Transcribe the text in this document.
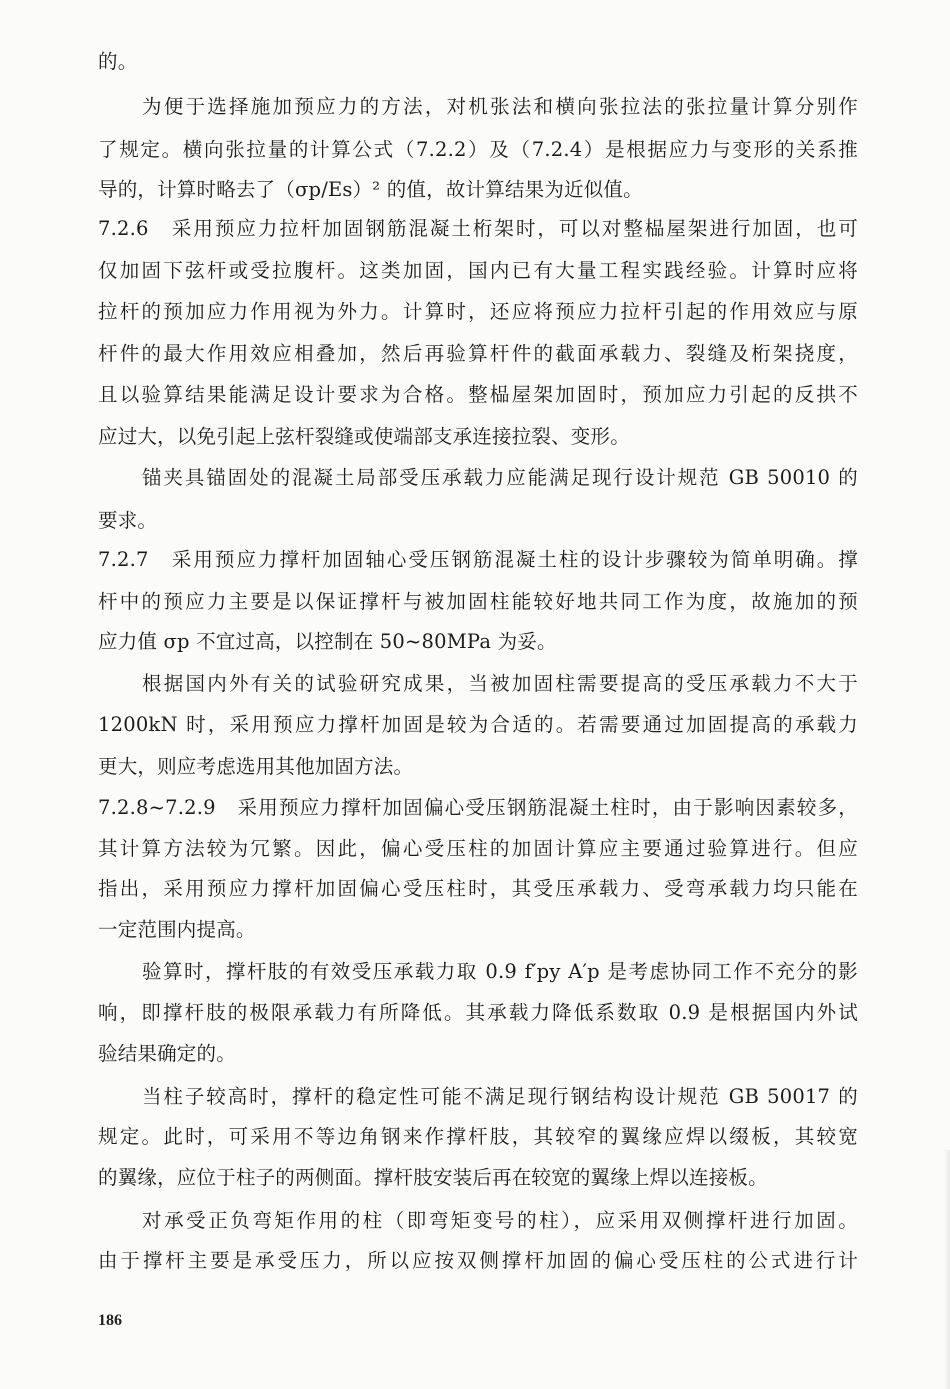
的。
为便于选择施加预应力的方法，对机张法和横向张拉法的张拉量计算分别作
了规定。横向张拉量的计算公式（7.2.2）及（7.2.4）是根据应力与变形的关系推
导的，计算时略去了（σp/Es）² 的值，故计算结果为近似值。
7.2.6　采用预应力拉杆加固钢筋混凝土桁架时，可以对整榀屋架进行加固，也可
仅加固下弦杆或受拉腹杆。这类加固，国内已有大量工程实践经验。计算时应将
拉杆的预加应力作用视为外力。计算时，还应将预应力拉杆引起的作用效应与原
杆件的最大作用效应相叠加，然后再验算杆件的截面承载力、裂缝及桁架挠度，
且以验算结果能满足设计要求为合格。整榀屋架加固时，预加应力引起的反拱不
应过大，以免引起上弦杆裂缝或使端部支承连接拉裂、变形。
锚夹具锚固处的混凝土局部受压承载力应能满足现行设计规范 GB 50010 的
要求。
7.2.7　采用预应力撑杆加固轴心受压钢筋混凝土柱的设计步骤较为简单明确。撑
杆中的预应力主要是以保证撑杆与被加固柱能较好地共同工作为度，故施加的预
应力值 σp 不宜过高，以控制在 50~80MPa 为妥。
根据国内外有关的试验研究成果，当被加固柱需要提高的受压承载力不大于
1200kN 时，采用预应力撑杆加固是较为合适的。若需要通过加固提高的承载力
更大，则应考虑选用其他加固方法。
7.2.8~7.2.9　采用预应力撑杆加固偏心受压钢筋混凝土柱时，由于影响因素较多，
其计算方法较为冗繁。因此，偏心受压柱的加固计算应主要通过验算进行。但应
指出，采用预应力撑杆加固偏心受压柱时，其受压承载力、受弯承载力均只能在
一定范围内提高。
验算时，撑杆肢的有效受压承载力取 0.9 f′py A′p 是考虑协同工作不充分的影
响，即撑杆肢的极限承载力有所降低。其承载力降低系数取 0.9 是根据国内外试
验结果确定的。
当柱子较高时，撑杆的稳定性可能不满足现行钢结构设计规范 GB 50017 的
规定。此时，可采用不等边角钢来作撑杆肢，其较窄的翼缘应焊以缀板，其较宽
的翼缘，应位于柱子的两侧面。撑杆肢安装后再在较宽的翼缘上焊以连接板。
对承受正负弯矩作用的柱（即弯矩变号的柱），应采用双侧撑杆进行加固。
由于撑杆主要是承受压力，所以应按双侧撑杆加固的偏心受压柱的公式进行计
186
